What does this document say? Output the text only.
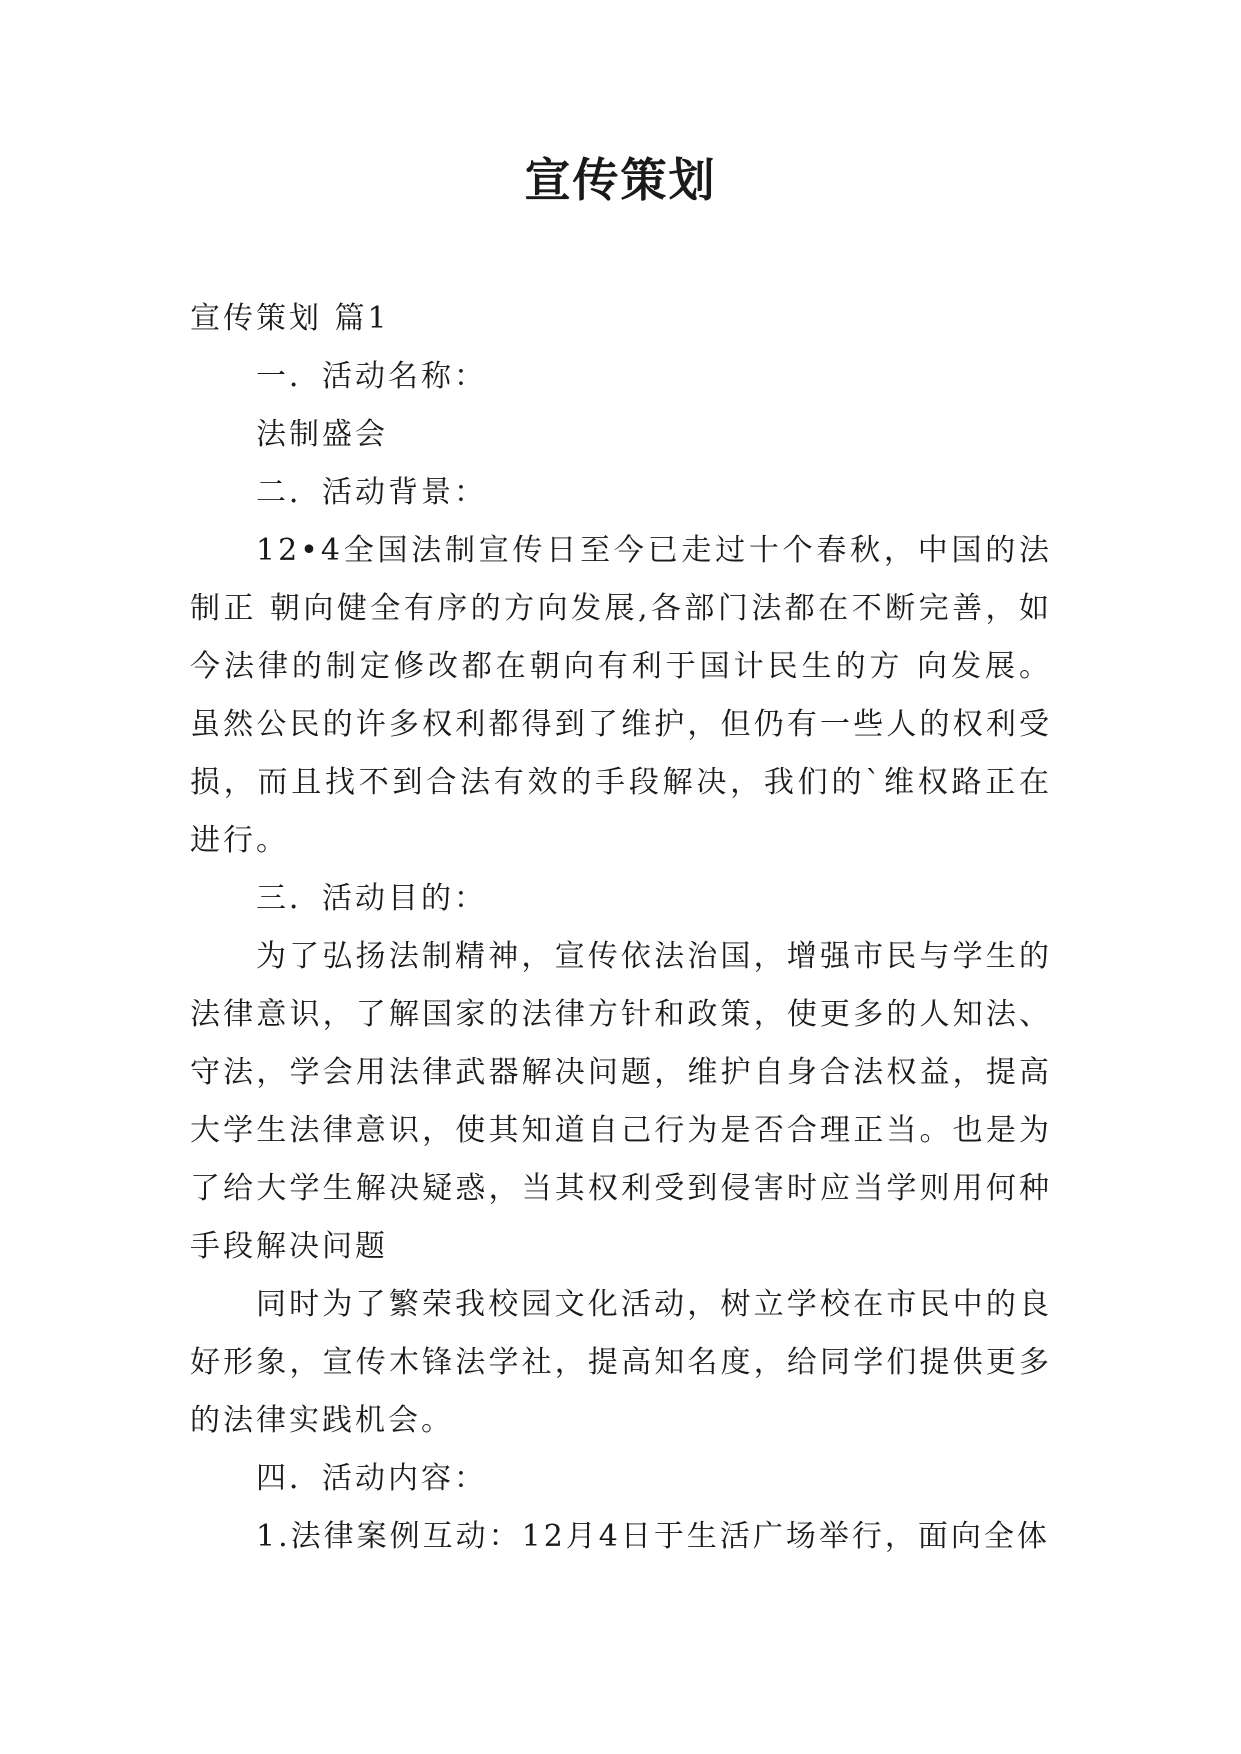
宣传策划

宣传策划 篇1

一．活动名称：

法制盛会

二．活动背景：

12•4全国法制宣传日至今已走过十个春秋，中国的法制正 朝向健全有序的方向发展,各部门法都在不断完善，如今法律的制定修改都在朝向有利于国计民生的方 向发展。虽然公民的许多权利都得到了维护，但仍有一些人的权利受损，而且找不到合法有效的手段解决，我们的`维权路正在进行。

三．活动目的：

为了弘扬法制精神，宣传依法治国，增强市民与学生的法律意识，了解国家的法律方针和政策，使更多的人知法、守法，学会用法律武器解决问题，维护自身合法权益，提高大学生法律意识，使其知道自己行为是否合理正当。也是为了给大学生解决疑惑，当其权利受到侵害时应当学则用何种手段解决问题

同时为了繁荣我校园文化活动，树立学校在市民中的良好形象，宣传木锋法学社，提高知名度，给同学们提供更多的法律实践机会。

四．活动内容：

1.法律案例互动：12月4日于生活广场举行，面向全体
